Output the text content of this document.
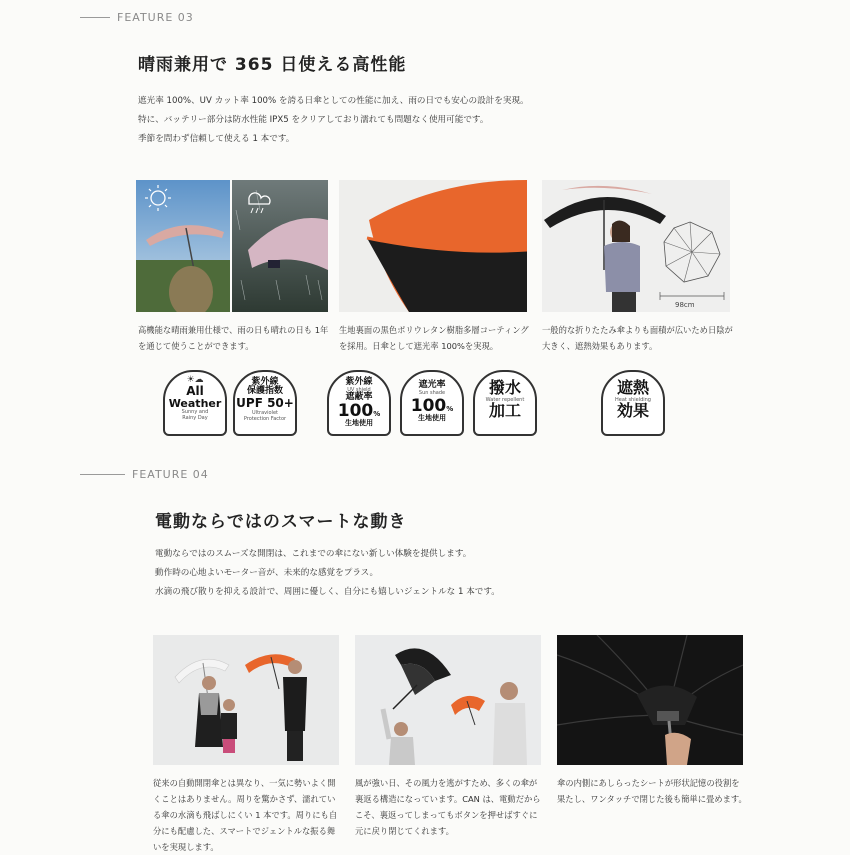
FEATURE 03
晴雨兼用で 365 日使える高性能
遮光率 100%、UV カット率 100% を誇る日傘としての性能に加え、雨の日でも安心の設計を実現。
特に、バッテリー部分は防水性能 IPX5 をクリアしており濡れても問題なく使用可能です。
季節を問わず信頼して使える 1 本です。
98cm
高機能な晴雨兼用仕様で、雨の日も晴れの日も 1年を通じて使うことができます。
生地裏面の黒色ポリウレタン樹脂多層コーティングを採用。日傘として遮光率 100%を実現。
一般的な折りたたみ傘よりも面積が広いため日陰が大きく、遮熱効果もあります。
☀☁
All
Weather
Sunny and Rainy Day
紫外線
保護指数
UPF 50+
Ultraviolet Protection Factor
紫外線
UV shield
遮蔽率
100%
生地使用
遮光率
Sun shade
100%
生地使用
撥水
Water repellent
加工
遮熱
Heat shielding
効果
FEATURE 04
電動ならではのスマートな動き
電動ならではのスムーズな開閉は、これまでの傘にない新しい体験を提供します。
動作時の心地よいモーター音が、未来的な感覚をプラス。
水滴の飛び散りを抑える設計で、周囲に優しく、自分にも嬉しいジェントルな 1 本です。
従来の自動開閉傘とは異なり、一気に勢いよく開くことはありません。周りを驚かさず、濡れている傘の水滴も飛ばしにくい 1 本です。周りにも自分にも配慮した、スマートでジェントルな振る舞いを実現します。
風が強い日、その風力を逃がすため、多くの傘が裏返る構造になっています。CAN は、電動だからこそ、裏返ってしまってもボタンを押せばすぐに元に戻り閉じてくれます。
傘の内側にあしらったシートが形状記憶の役割を果たし、ワンタッチで閉じた後も簡単に畳めます。
